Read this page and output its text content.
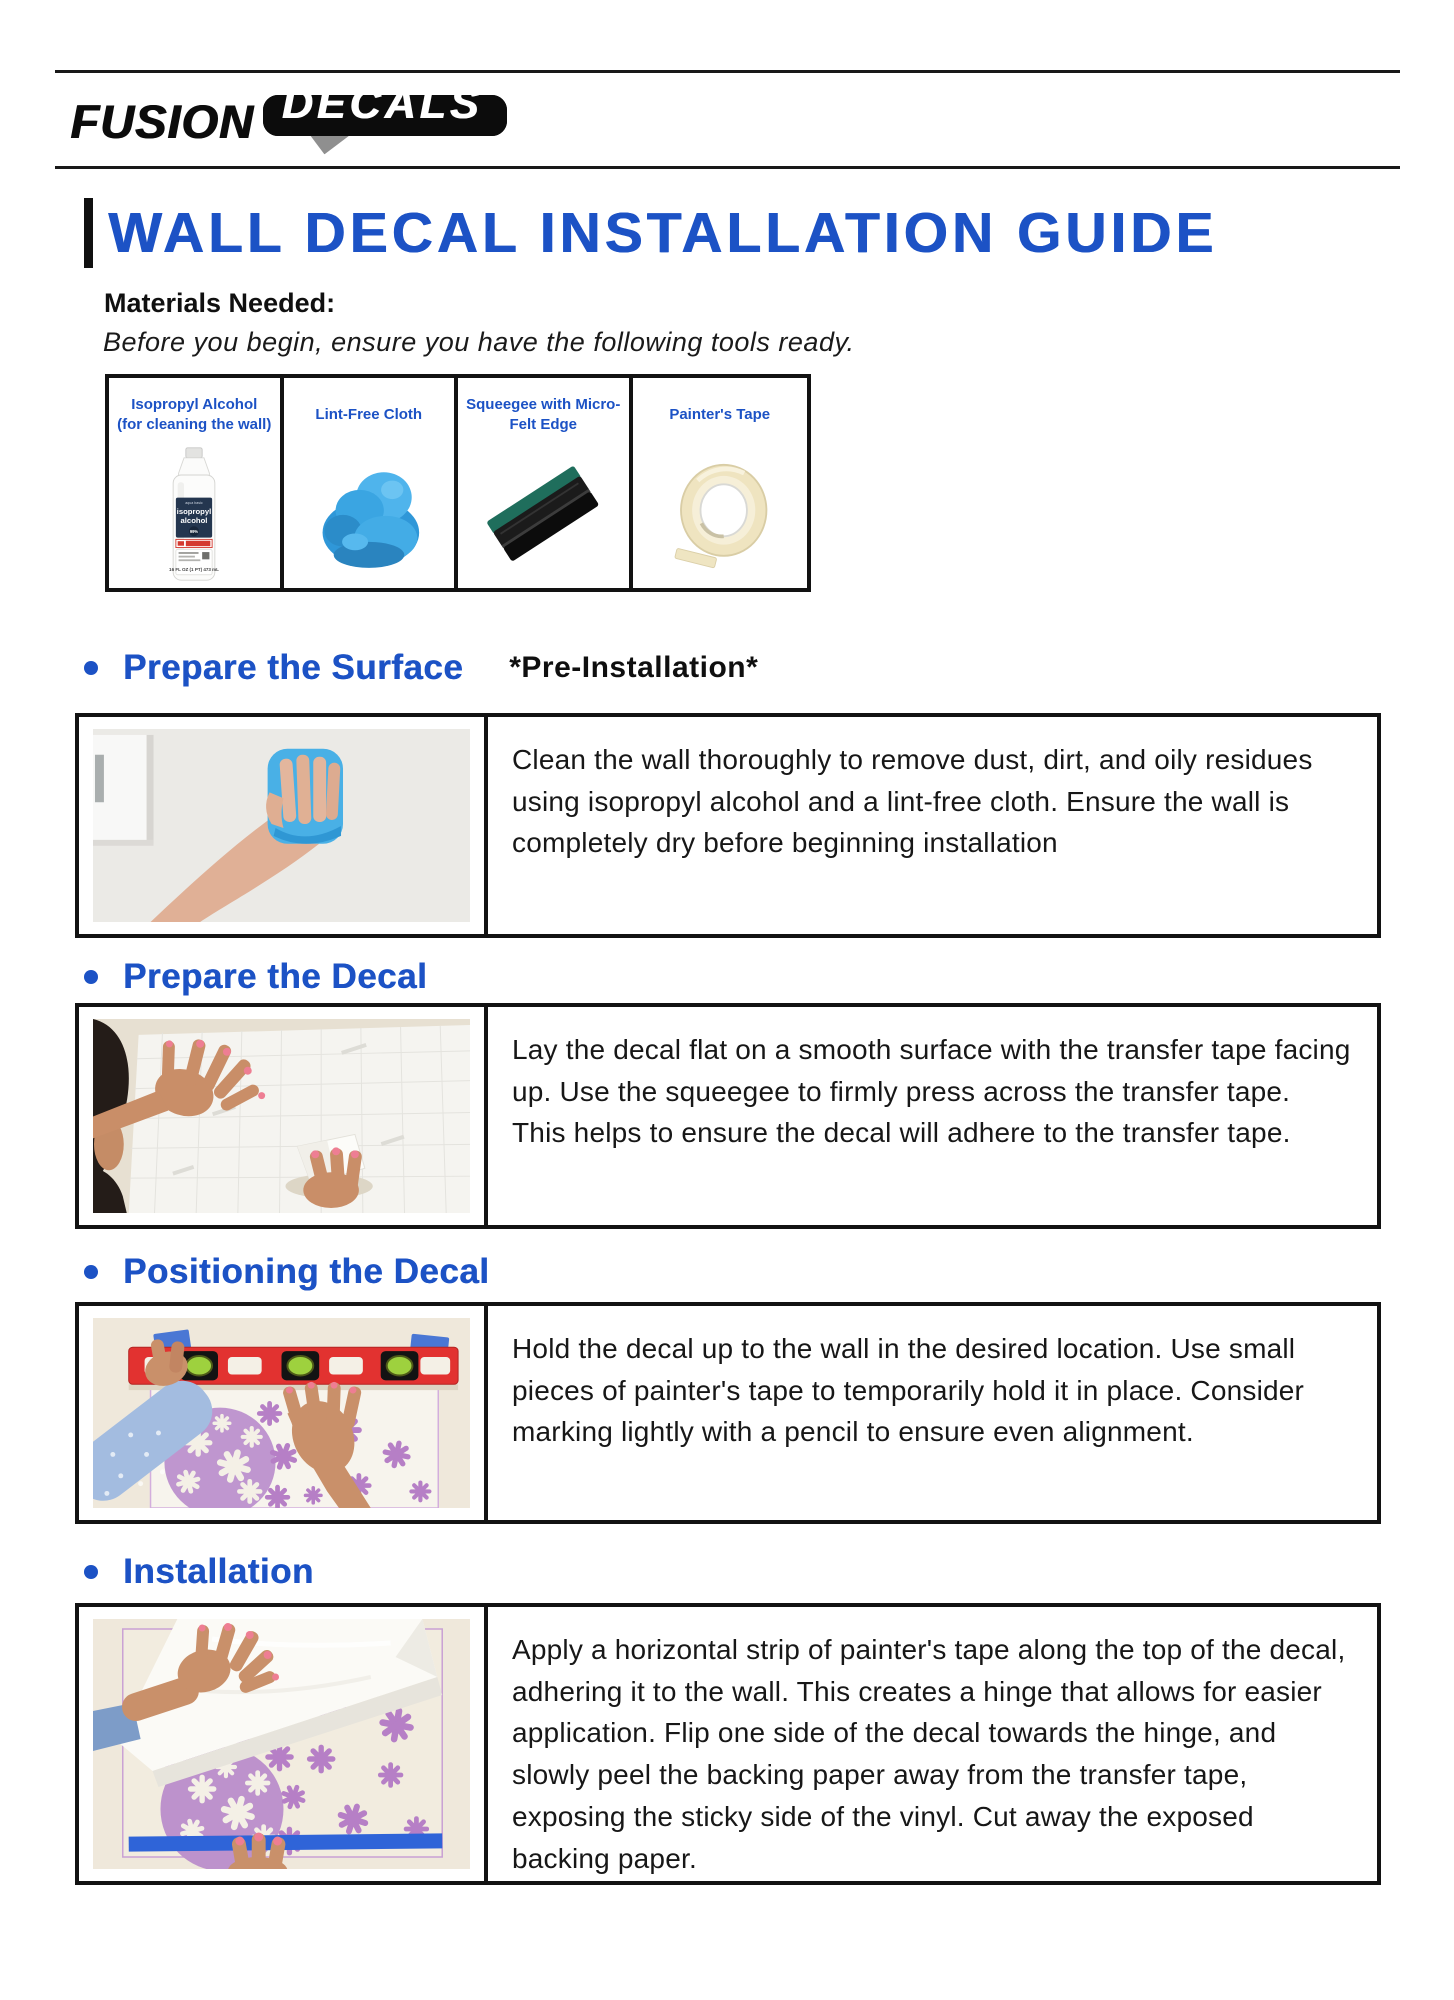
FUSION DECALS
WALL DECAL INSTALLATION GUIDE
Materials Needed:
Before you begin, ensure you have the following tools ready.
Isopropyl Alcohol (for cleaning the wall)
aqua basic
isopropyl
alcohol
99%
16 FL OZ (1 PT) 473 mL
Lint-Free Cloth
Squeegee with Micro-Felt Edge
Painter's Tape
Prepare the Surface *Pre-Installation*
Clean the wall thoroughly to remove dust, dirt, and oily residues using isopropyl alcohol and a lint-free cloth. Ensure the wall is completely dry before beginning installation
Prepare the Decal
Lay the decal flat on a smooth surface with the transfer tape facing up. Use the squeegee to firmly press across the transfer tape. This helps to ensure the decal will adhere to the transfer tape.
Positioning the Decal
Hold the decal up to the wall in the desired location. Use small pieces of painter's tape to temporarily hold it in place. Consider marking lightly with a pencil to ensure even alignment.
Installation
Apply a horizontal strip of painter's tape along the top of the decal, adhering it to the wall. This creates a hinge that allows for easier application. Flip one side of the decal towards the hinge, and slowly peel the backing paper away from the transfer tape, exposing the sticky side of the vinyl. Cut away the exposed backing paper.
